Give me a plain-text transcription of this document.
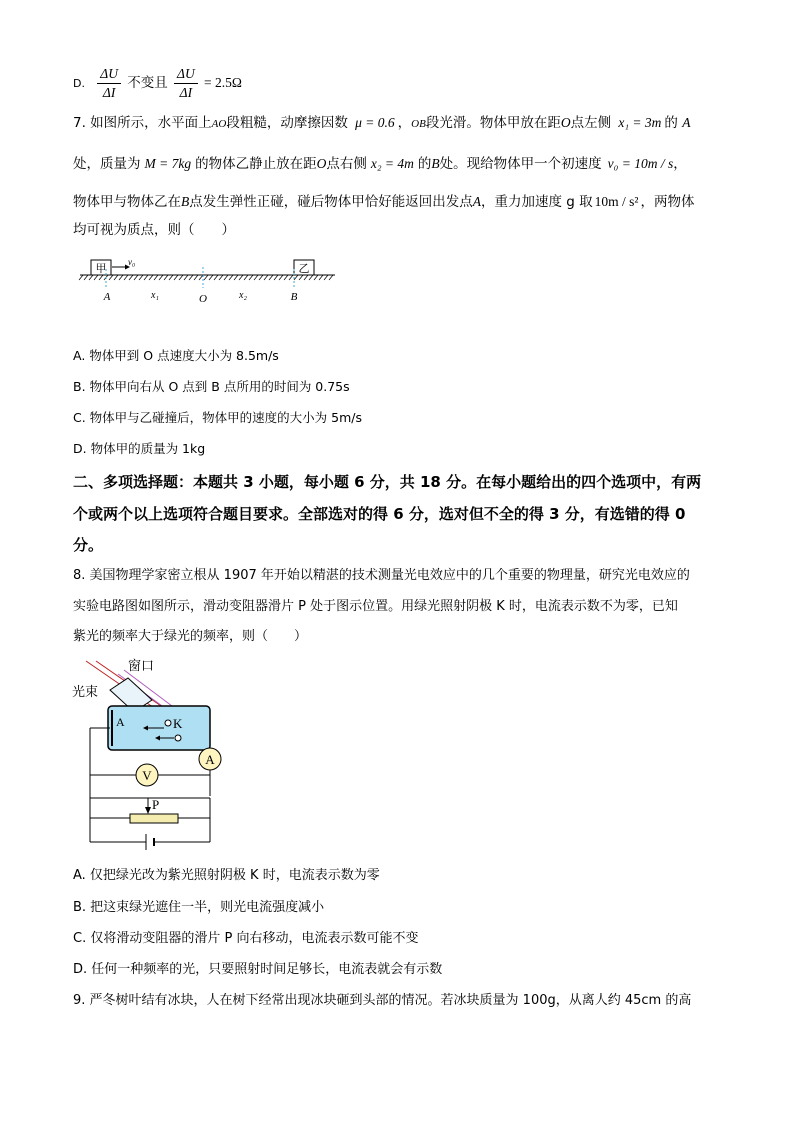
D. $\frac{\Delta U}{\Delta I}$ 不变且 $\frac{\Delta U}{\Delta I} = 2.5\Omega$
7. 如图所示，水平面上AO段粗糙，动摩擦因数 μ = 0.6 ，OB段光滑。物体甲放在距O点左侧 x₁ = 3m 的 A
处，质量为 M = 7kg 的物体乙静止放在距O点右侧 x₂ = 4m 的B处。现给物体甲一个初速度 v₀ = 10m / s，
物体甲与物体乙在B点发生弹性正碰，碰后物体甲恰好能返回出发点A，重力加速度 g 取 10m / s² ，两物体
均可视为质点，则（　　）
甲 v₀	乙
A	x₁	O	x₂	B
A. 物体甲到 O 点速度大小为 8.5m/s
B. 物体甲向右从 O 点到 B 点所用的时间为 0.75s
C. 物体甲与乙碰撞后，物体甲的速度的大小为 5m/s
D. 物体甲的质量为 1kg
二、多项选择题：本题共 3 小题，每小题 6 分，共 18 分。在每小题给出的四个选项中，有两
个或两个以上选项符合题目要求。全部选对的得 6 分，选对但不全的得 3 分，有选错的得 0
分。
8. 美国物理学家密立根从 1907 年开始以精湛的技术测量光电效应中的几个重要的物理量，研究光电效应的
实验电路图如图所示，滑动变阻器滑片 P 处于图示位置。用绿光照射阴极 K 时，电流表示数不为零，已知
紫光的频率大于绿光的频率，则（　　）
窗口
光束
A	K
A
V
P
A. 仅把绿光改为紫光照射阴极 K 时，电流表示数为零
B. 把这束绿光遮住一半，则光电流强度减小
C. 仅将滑动变阻器的滑片 P 向右移动，电流表示数可能不变
D. 任何一种频率的光，只要照射时间足够长，电流表就会有示数
9. 严冬树叶结有冰块，人在树下经常出现冰块砸到头部的情况。若冰块质量为 100g，从离人约 45cm 的高
